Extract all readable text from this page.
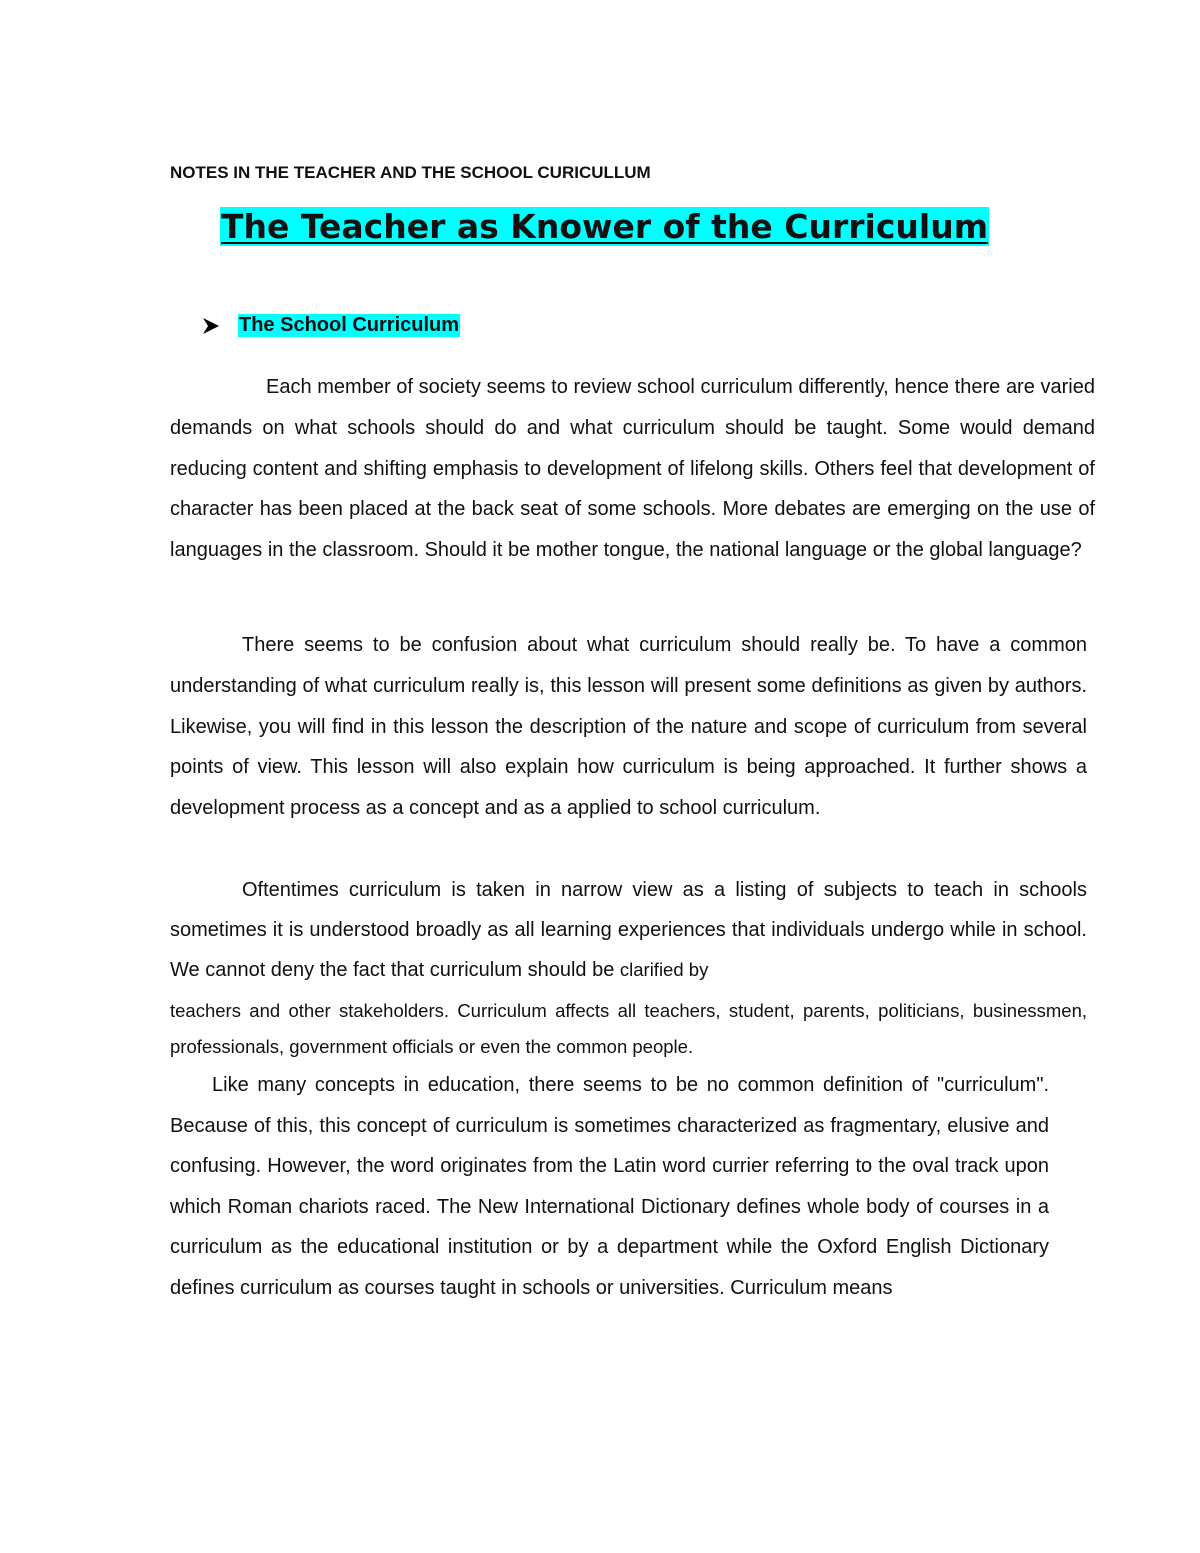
NOTES IN THE TEACHER AND THE SCHOOL CURICULLUM
The Teacher as Knower of the Curriculum
The School Curriculum

Each member of society seems to review school curriculum differently, hence there are varied demands on what schools should do and what curriculum should be taught. Some would demand reducing content and shifting emphasis to development of lifelong skills. Others feel that development of character has been placed at the back seat of some schools. More debates are emerging on the use of languages in the classroom. Should it be mother tongue, the national language or the global language?

There seems to be confusion about what curriculum should really be. To have a common understanding of what curriculum really is, this lesson will present some definitions as given by authors. Likewise, you will find in this lesson the description of the nature and scope of curriculum from several points of view. This lesson will also explain how curriculum is being approached. It further shows a development process as a concept and as a applied to school curriculum.

Oftentimes curriculum is taken in narrow view as a listing of subjects to teach in schools sometimes it is understood broadly as all learning experiences that individuals undergo while in school. We cannot deny the fact that curriculum should be clarified by

teachers and other stakeholders. Curriculum affects all teachers, student, parents, politicians, businessmen, professionals, government officials or even the common people.

Like many concepts in education, there seems to be no common definition of "curriculum". Because of this, this concept of curriculum is sometimes characterized as fragmentary, elusive and confusing. However, the word originates from the Latin word currier referring to the oval track upon which Roman chariots raced. The New International Dictionary defines whole body of courses in a curriculum as the educational institution or by a department while the Oxford English Dictionary defines curriculum as courses taught in schools or universities. Curriculum means
